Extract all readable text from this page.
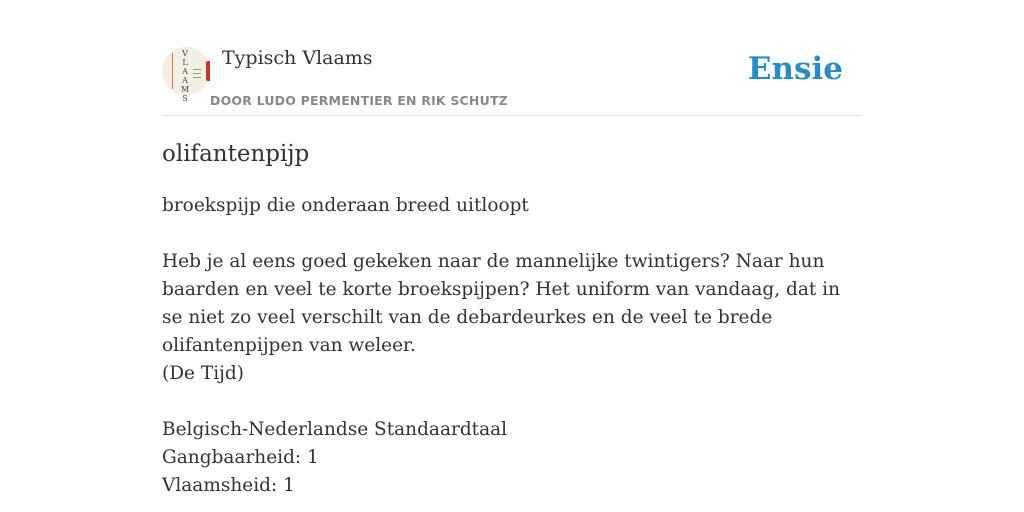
V L A A M S
Typisch Vlaams
DOOR LUDO PERMENTIER EN RIK SCHUTZ
Ensie
olifantenpijp

broekspijp die onderaan breed uitloopt

Heb je al eens goed gekeken naar de mannelijke twintigers? Naar hun baarden en veel te korte broekspijpen? Het uniform van vandaag, dat in se niet zo veel verschilt van de debardeurkes en de veel te brede olifantenpijpen van weleer.

(De Tijd)

Belgisch-Nederlandse Standaardtaal

Gangbaarheid: 1

Vlaamsheid: 1
